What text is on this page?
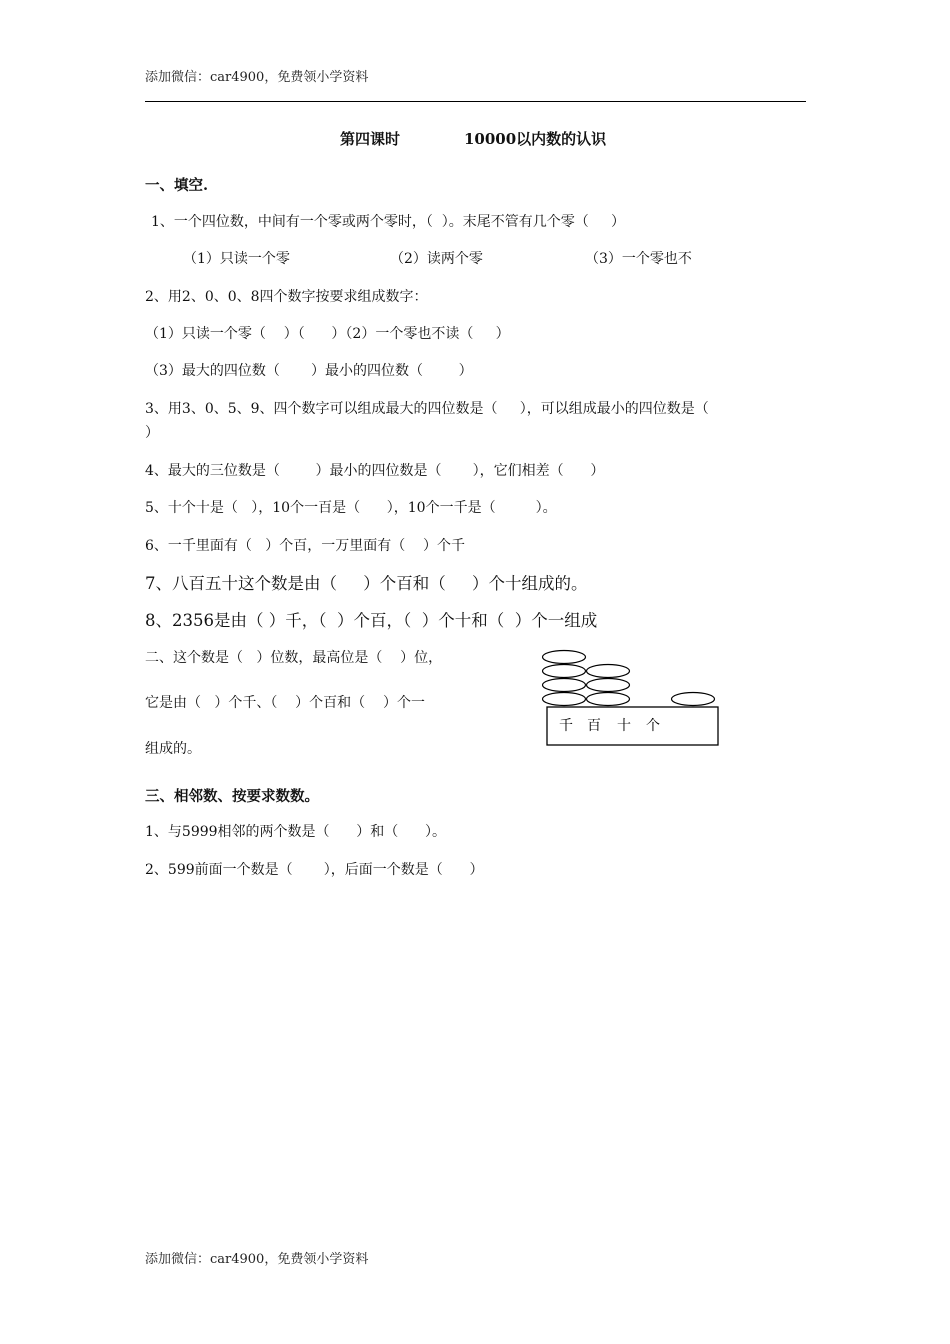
添加微信：car4900，免费领小学资料
第四课时	10000以内数的认识
一、填空.
1、一个四位数，中间有一个零或两个零时，（  ）。末尾不管有几个零（     ）
（1）只读一个零	（2）读两个零	（3）一个零也不
2、用2、0、0、8四个数字按要求组成数字：
（1）只读一个零（    ）（      ）（2）一个零也不读（     ）
（3）最大的四位数（       ）最小的四位数（        ）
3、用3、0、5、9、四个数字可以组成最大的四位数是（     ），可以组成最小的四位数是（
）
4、最大的三位数是（        ）最小的四位数是（       ），它们相差（      ）
5、十个十是（   ），10个一百是（      ），10个一千是（         ）。
6、一千里面有（   ）个百，一万里面有（    ）个千
7、八百五十这个数是由（     ）个百和（     ）个十组成的。
8、2356是由（ ）千，（  ）个百，（  ）个十和（  ）个一组成
二、这个数是（   ）位数，最高位是（    ）位，
它是由（   ）个千、（    ）个百和（    ）个一
组成的。
千 百 十 个
三、相邻数、按要求数数。
1、与5999相邻的两个数是（      ）和（      ）。
2、599前面一个数是（       ），后面一个数是（      ）
添加微信：car4900，免费领小学资料
